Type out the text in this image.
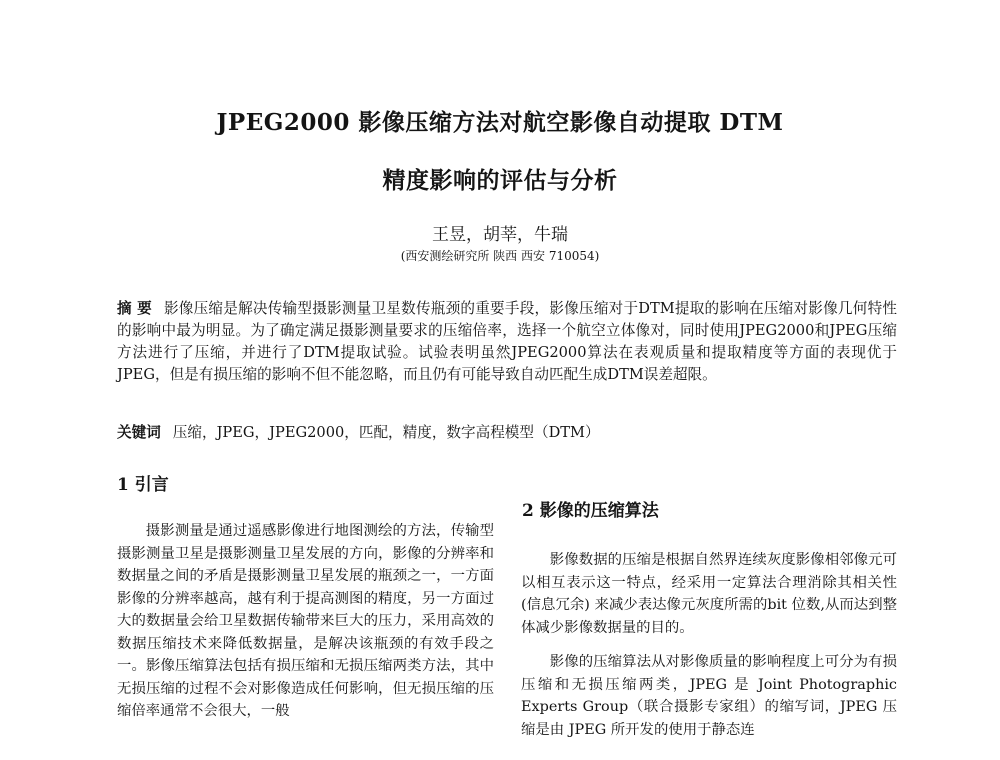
JPEG2000 影像压缩方法对航空影像自动提取 DTM
精度影响的评估与分析
王昱，胡莘，牛瑞
(西安测绘研究所 陕西 西安 710054)

摘 要 影像压缩是解决传输型摄影测量卫星数传瓶颈的重要手段，影像压缩对于DTM提取的影响在压缩对影像几何特性的影响中最为明显。为了确定满足摄影测量要求的压缩倍率，选择一个航空立体像对，同时使用JPEG2000和JPEG压缩方法进行了压缩，并进行了DTM提取试验。试验表明虽然JPEG2000算法在表观质量和提取精度等方面的表现优于JPEG，但是有损压缩的影响不但不能忽略，而且仍有可能导致自动匹配生成DTM误差超限。

关键词 压缩，JPEG，JPEG2000，匹配，精度，数字高程模型（DTM）

1 引言

摄影测量是通过遥感影像进行地图测绘的方法，传输型摄影测量卫星是摄影测量卫星发展的方向，影像的分辨率和数据量之间的矛盾是摄影测量卫星发展的瓶颈之一，一方面影像的分辨率越高，越有利于提高测图的精度，另一方面过大的数据量会给卫星数据传输带来巨大的压力，采用高效的数据压缩技术来降低数据量，是解决该瓶颈的有效手段之一。影像压缩算法包括有损压缩和无损压缩两类方法，其中无损压缩的过程不会对影像造成任何影响，但无损压缩的压缩倍率通常不会很大，一般

2 影像的压缩算法

影像数据的压缩是根据自然界连续灰度影像相邻像元可以相互表示这一特点，经采用一定算法合理消除其相关性(信息冗余) 来减少表达像元灰度所需的bit 位数,从而达到整体减少影像数据量的目的。

影像的压缩算法从对影像质量的影响程度上可分为有损压缩和无损压缩两类，JPEG 是 Joint Photographic Experts Group（联合摄影专家组）的缩写词，JPEG 压缩是由 JPEG 所开发的使用于静态连
